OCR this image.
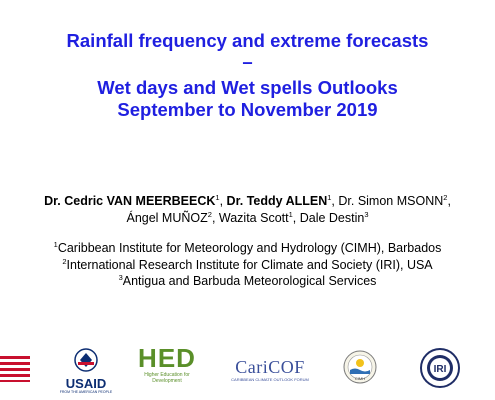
Rainfall frequency and extreme forecasts
–
Wet days and Wet spells Outlooks
September to November 2019
Dr. Cedric VAN MEERBEECK$^1$, Dr. Teddy ALLEN$^1$, Dr. Simon MSONN$^2$,
Ángel MUÑOZ$^2$, Wazita Scott$^1$, Dale Destin$^3$
$^1$Caribbean Institute for Meteorology and Hydrology (CIMH), Barbados
$^2$International Research Institute for Climate and Society (IRI), USA
$^3$Antigua and Barbuda Meteorological Services
USAID
FROM THE AMERICAN PEOPLE
HED
Higher Education for Development
CariCOF
CARIBBEAN CLIMATE OUTLOOK FORUM	CIMH
IRI
